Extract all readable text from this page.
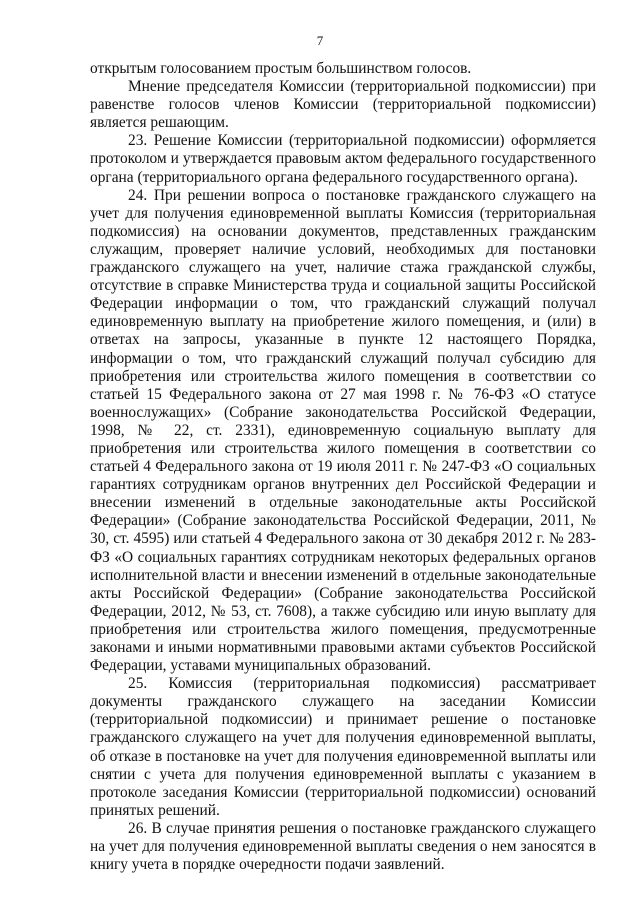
7

открытым голосованием простым большинством голосов.

Мнение председателя Комиссии (территориальной подкомиссии) при равенстве голосов членов Комиссии (территориальной подкомиссии) является решающим.

23. Решение Комиссии (территориальной подкомиссии) оформляется протоколом и утверждается правовым актом федерального государственного органа (территориального органа федерального государственного органа).

24. При решении вопроса о постановке гражданского служащего на учет для получения единовременной выплаты Комиссия (территориальная подкомиссия) на основании документов, представленных гражданским служащим, проверяет наличие условий, необходимых для постановки гражданского служащего на учет, наличие стажа гражданской службы, отсутствие в справке Министерства труда и социальной защиты Российской Федерации информации о том, что гражданский служащий получал единовременную выплату на приобретение жилого помещения, и (или) в ответах на запросы, указанные в пункте 12 настоящего Порядка, информации о том, что гражданский служащий получал субсидию для приобретения или строительства жилого помещения в соответствии со статьей 15 Федерального закона от 27 мая 1998 г. № 76-ФЗ «О статусе военнослужащих» (Собрание законодательства Российской Федерации, 1998, № 22, ст. 2331), единовременную социальную выплату для приобретения или строительства жилого помещения в соответствии со статьей 4 Федерального закона от 19 июля 2011 г. № 247-ФЗ «О социальных гарантиях сотрудникам органов внутренних дел Российской Федерации и внесении изменений в отдельные законодательные акты Российской Федерации» (Собрание законодательства Российской Федерации, 2011, № 30, ст. 4595) или статьей 4 Федерального закона от 30 декабря 2012 г. № 283-ФЗ «О социальных гарантиях сотрудникам некоторых федеральных органов исполнительной власти и внесении изменений в отдельные законодательные акты Российской Федерации» (Собрание законодательства Российской Федерации, 2012, № 53, ст. 7608), а также субсидию или иную выплату для приобретения или строительства жилого помещения, предусмотренные законами и иными нормативными правовыми актами субъектов Российской Федерации, уставами муниципальных образований.

25. Комиссия (территориальная подкомиссия) рассматривает документы гражданского служащего на заседании Комиссии (территориальной подкомиссии) и принимает решение о постановке гражданского служащего на учет для получения единовременной выплаты, об отказе в постановке на учет для получения единовременной выплаты или снятии с учета для получения единовременной выплаты с указанием в протоколе заседания Комиссии (территориальной подкомиссии) оснований принятых решений.

26. В случае принятия решения о постановке гражданского служащего на учет для получения единовременной выплаты сведения о нем заносятся в книгу учета в порядке очередности подачи заявлений.
